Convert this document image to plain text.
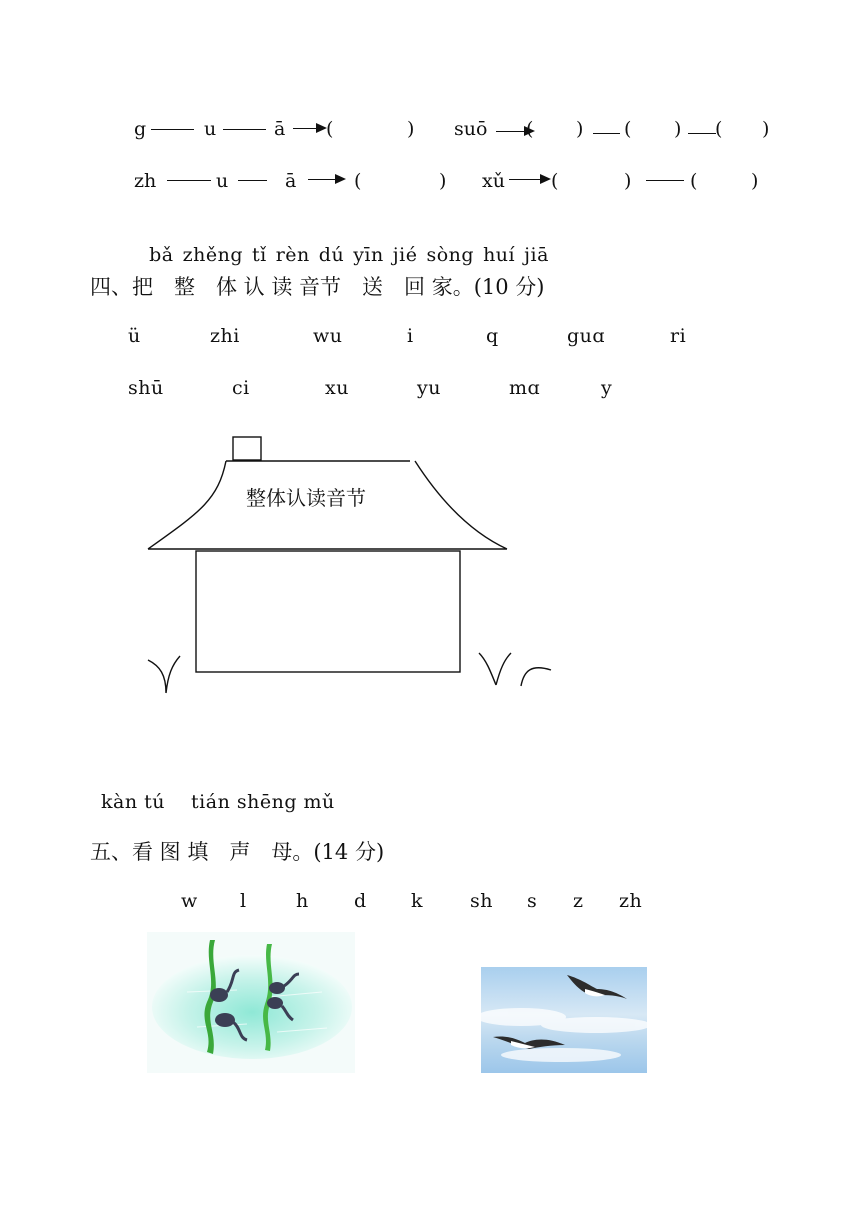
g	u	ā (	) suō ( ) ( ) ( )
zh	u	ā	(	) xǔ (	)	(	)

bǎ zhěng tǐ rèn dú yīn jié sòng huí jiā

四、把　整　体 认 读 音节　送　回 家。(10 分)
ü	zhi	wu	i	q	guɑ	ri
shū	ci	xu	yu	mɑ	y
整体认读音节
kàn tú　 tián shēng mǔ
五、看 图 填　声　母。(14 分)
w l	h d k sh s z zh
